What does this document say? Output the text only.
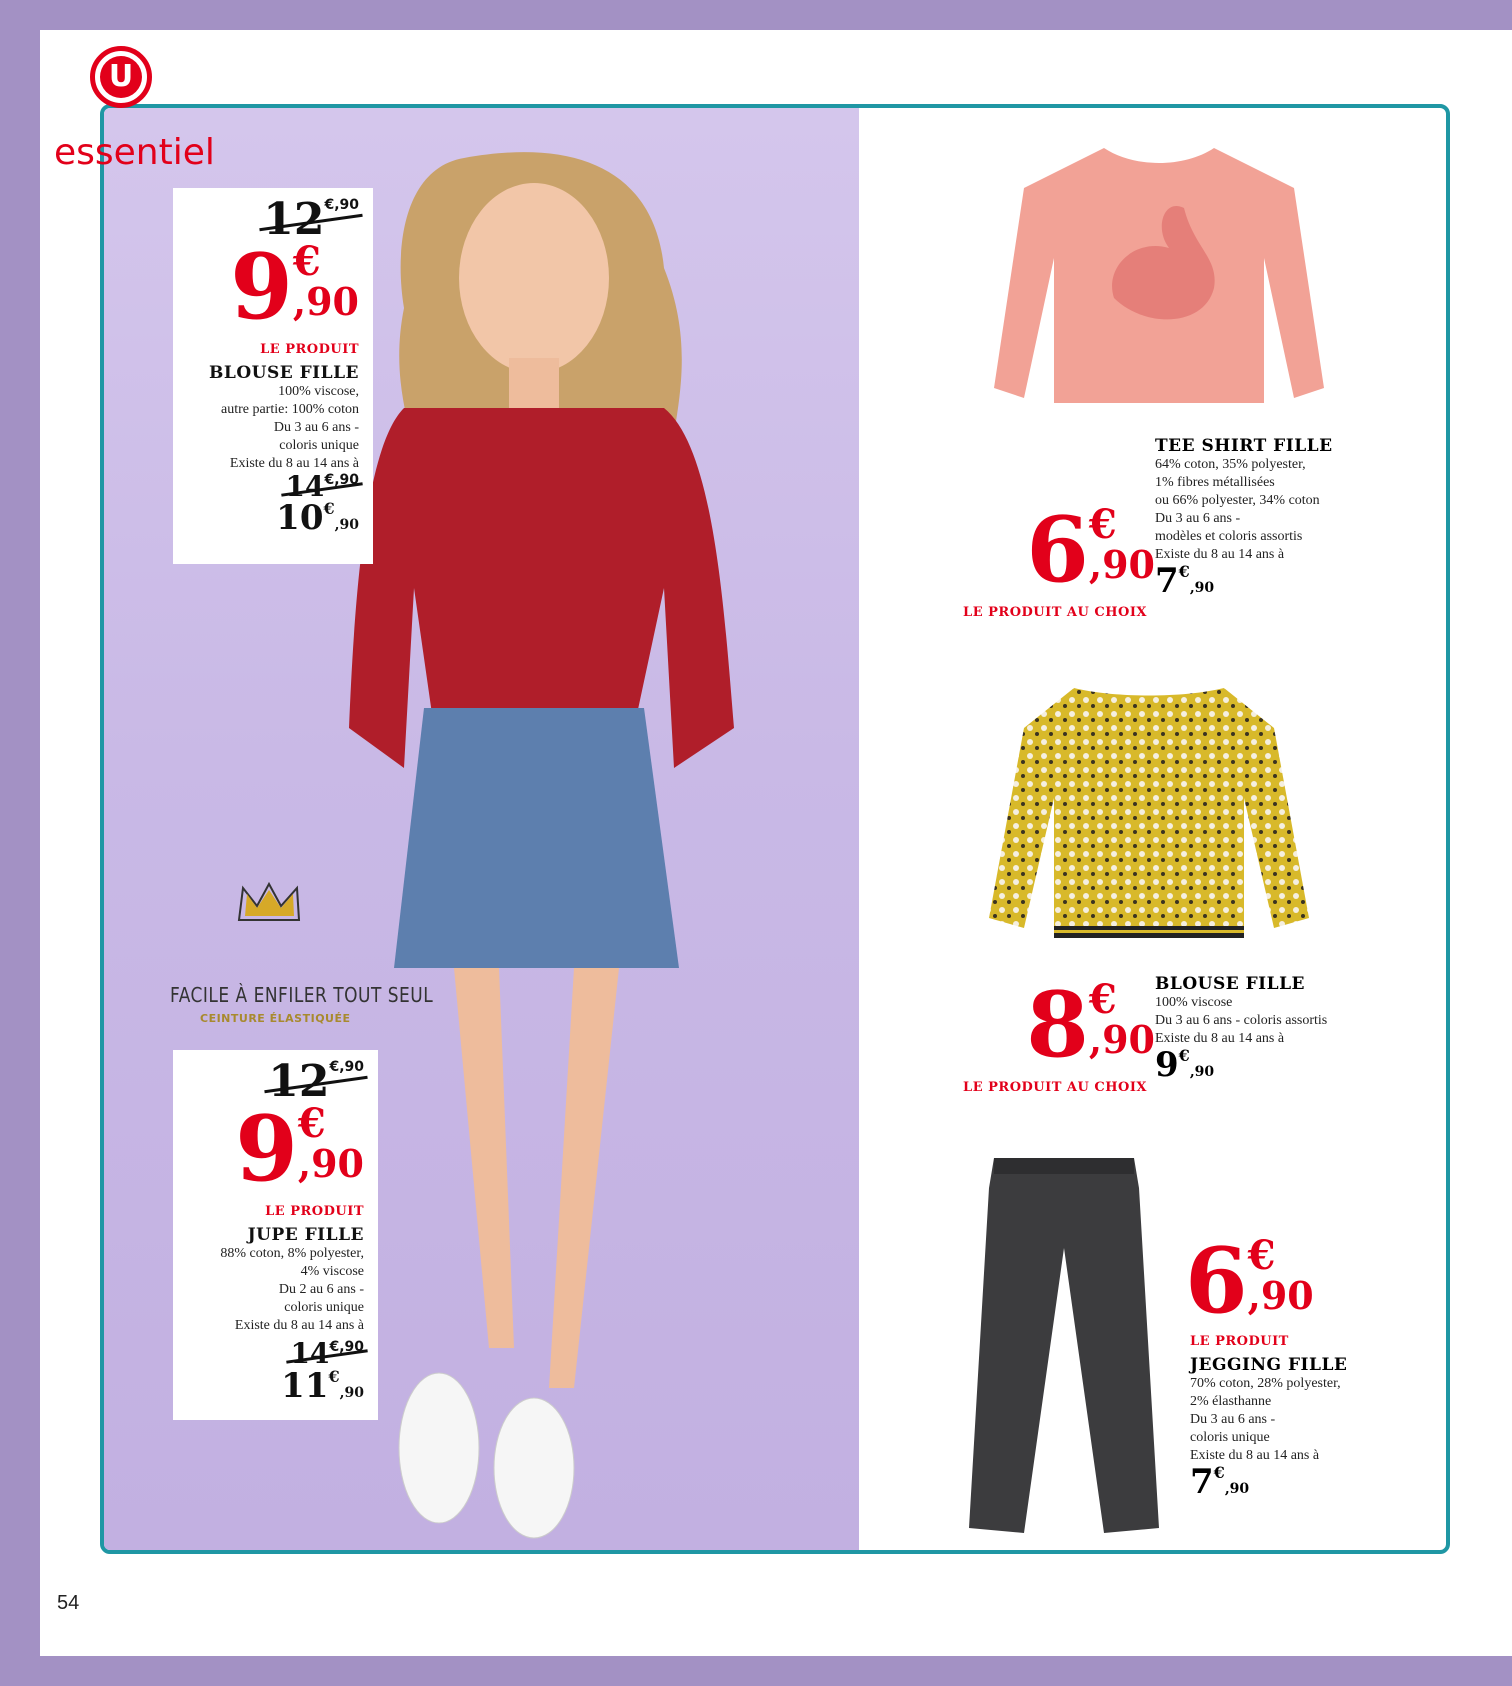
U
essentiel
$12^{€,90}$
9€
,90
LE PRODUIT
BLOUSE FILLE
100% viscose,
autre partie: 100% coton
Du 3 au 6 ans -
coloris unique
Existe du 8 au 14 ans à
$14^{€,90}$
10€,90
FACILE À ENFILER TOUT SEUL
CEINTURE ÉLASTIQUÉE
$12^{€,90}$
9€
,90
LE PRODUIT
JUPE FILLE
88% coton, 8% polyester,
4% viscose
Du 2 au 6 ans -
coloris unique
Existe du 8 au 14 ans à
$14^{€,90}$
11€,90
6€
,90
LE PRODUIT AU CHOIX
TEE SHIRT FILLE
64% coton, 35% polyester,
1% fibres métallisées
ou 66% polyester, 34% coton
Du 3 au 6 ans -
modèles et coloris assortis
Existe du 8 au 14 ans à
7€,90
8€
,90
LE PRODUIT AU CHOIX
BLOUSE FILLE
100% viscose
Du 3 au 6 ans - coloris assortis
Existe du 8 au 14 ans à
9€,90
6€
,90
LE PRODUIT
JEGGING FILLE
70% coton, 28% polyester,
2% élasthanne
Du 3 au 6 ans -
coloris unique
Existe du 8 au 14 ans à
7€,90
54
